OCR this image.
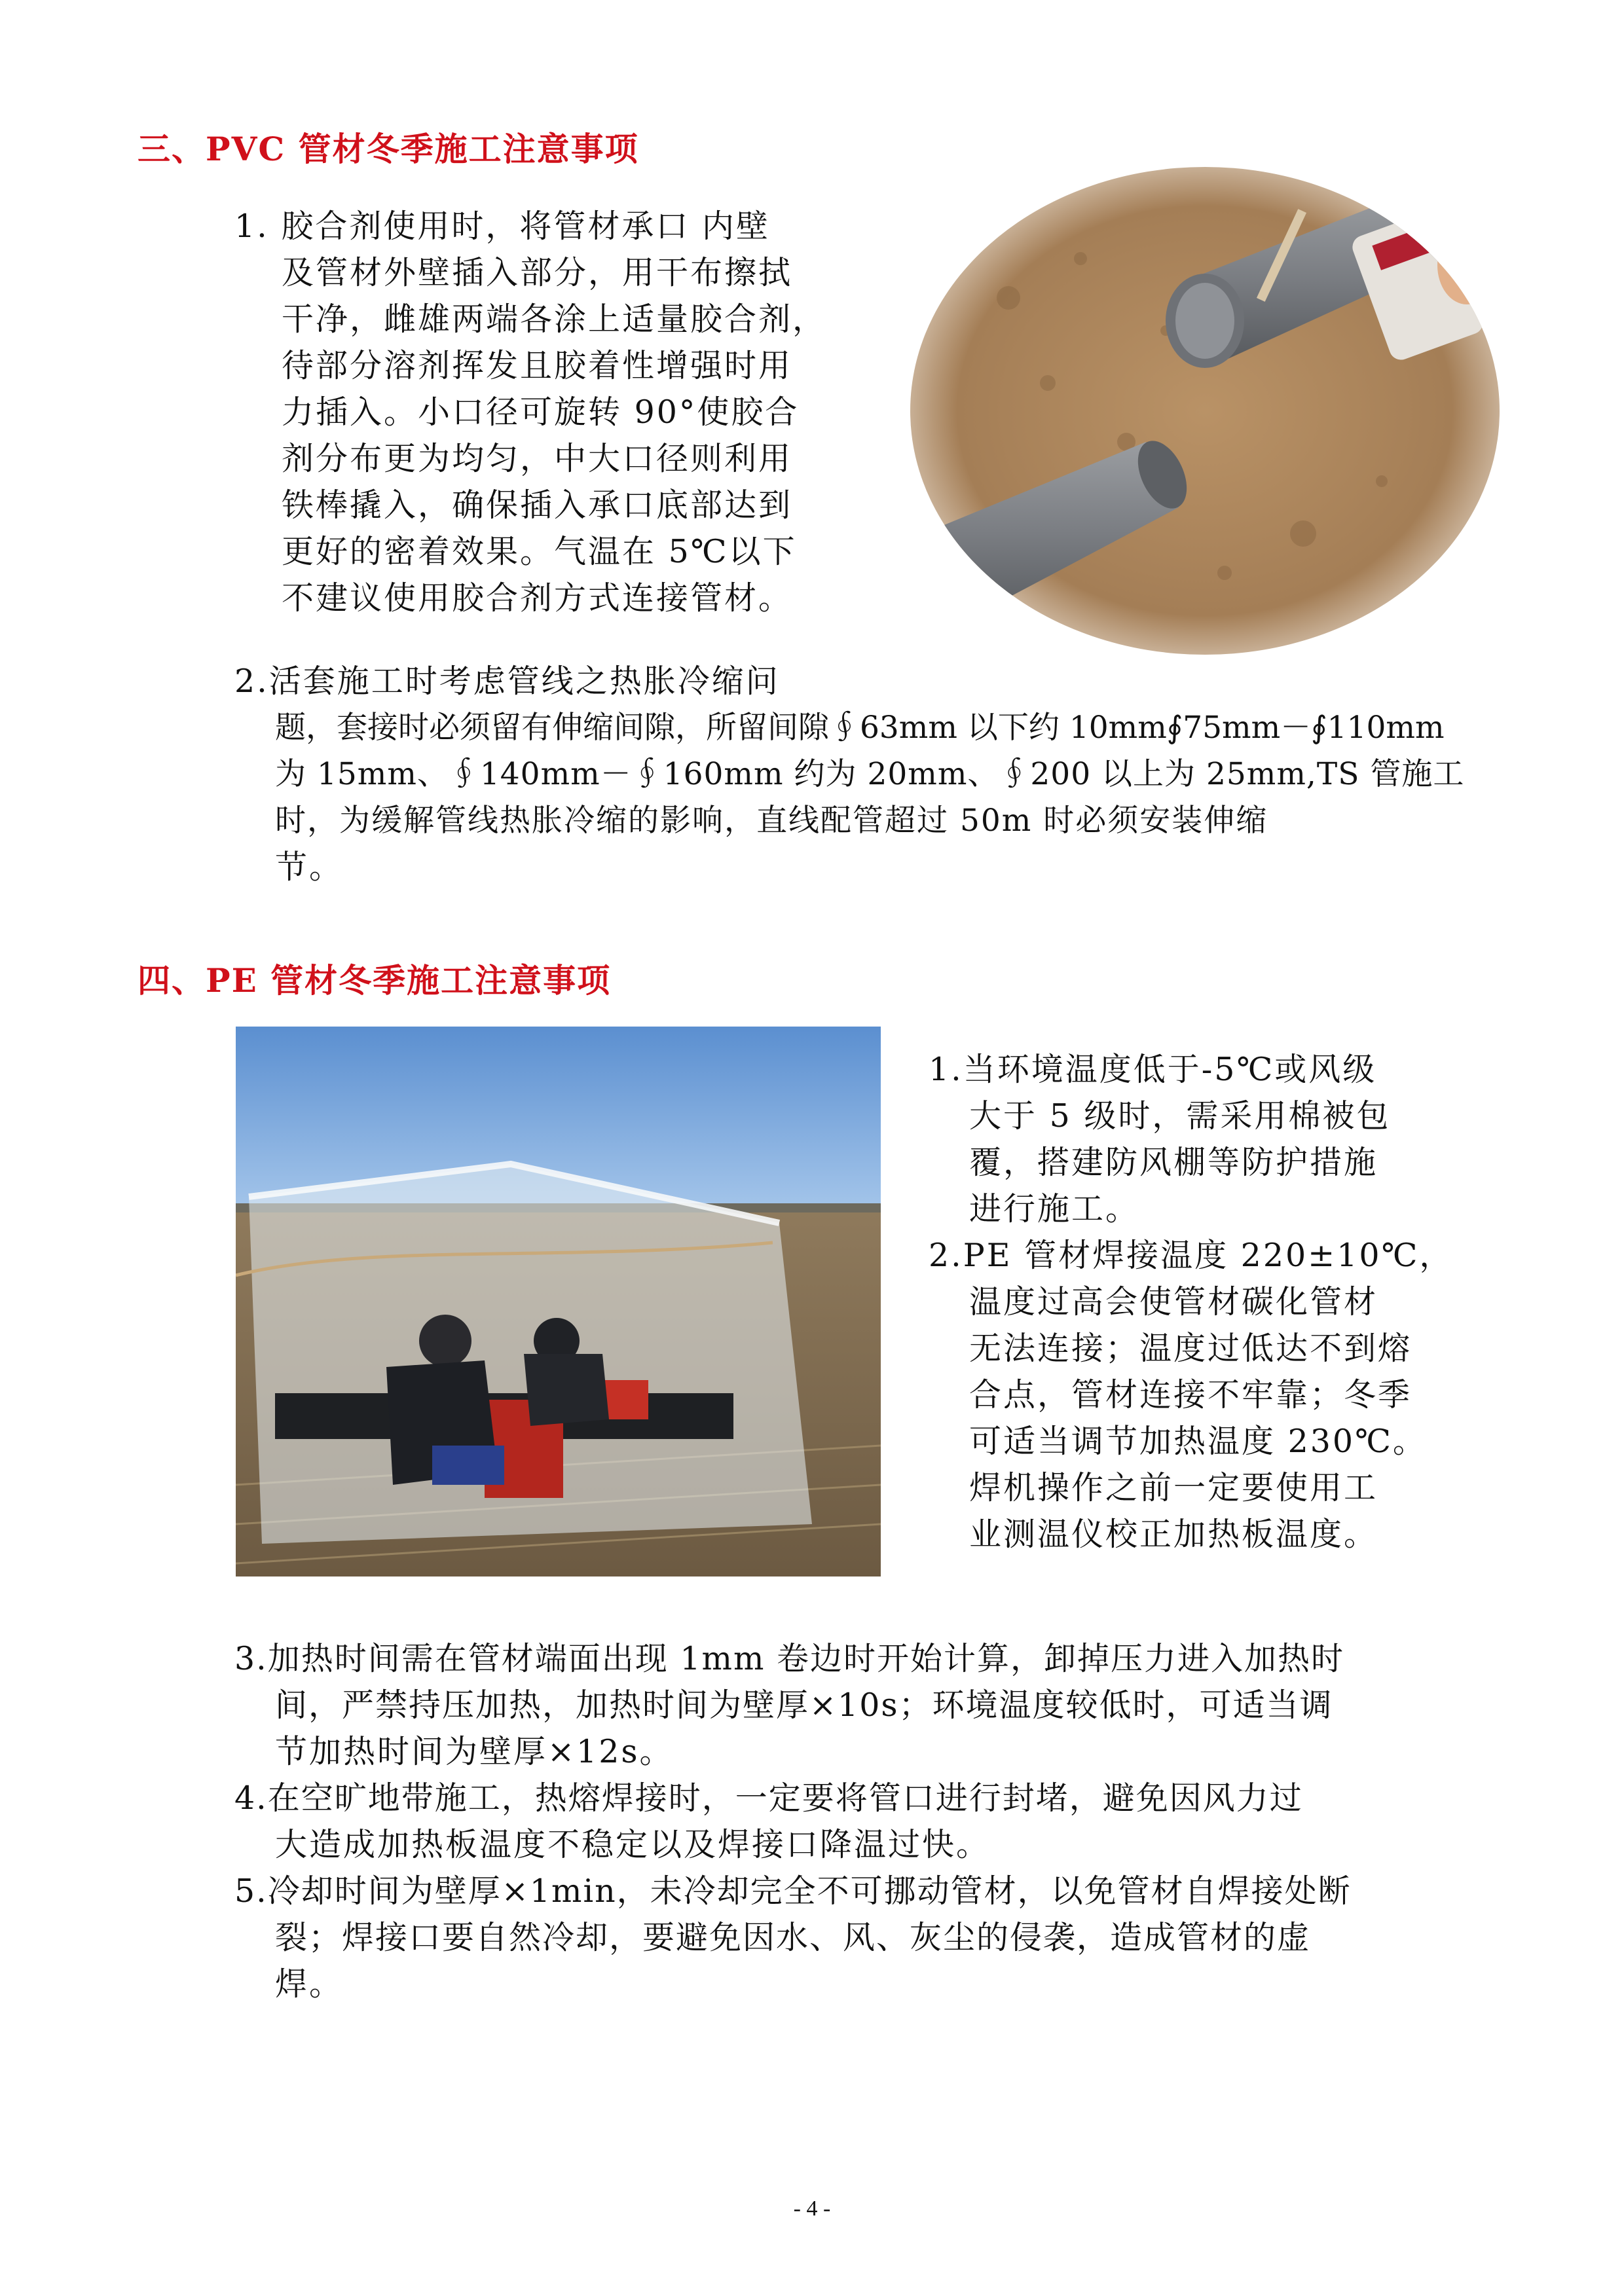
三、PVC 管材冬季施工注意事项
1. 胶合剂使用时，将管材承口 内壁
及管材外壁插入部分，用干布擦拭
干净，雌雄两端各涂上适量胶合剂，
待部分溶剂挥发且胶着性增强时用
力插入。小口径可旋转 90°使胶合
剂分布更为均匀，中大口径则利用
铁棒撬入，确保插入承口底部达到
更好的密着效果。气温在 5℃以下
不建议使用胶合剂方式连接管材。
2.活套施工时考虑管线之热胀冷缩问
题，套接时必须留有伸缩间隙，所留间隙∮63mm 以下约 10mm∮75mm－∮110mm
为 15mm、∮140mm－∮160mm 约为 20mm、∮200 以上为 25mm,TS 管施工
时，为缓解管线热胀冷缩的影响，直线配管超过 50m 时必须安装伸缩
节。
四、PE 管材冬季施工注意事项
1.当环境温度低于-5℃或风级
大于 5 级时，需采用棉被包
覆，搭建防风棚等防护措施
进行施工。
2.PE 管材焊接温度 220±10℃，
温度过高会使管材碳化管材
无法连接；温度过低达不到熔
合点，管材连接不牢靠；冬季
可适当调节加热温度 230℃。
焊机操作之前一定要使用工
业测温仪校正加热板温度。
3.加热时间需在管材端面出现 1mm 卷边时开始计算，卸掉压力进入加热时
间，严禁持压加热，加热时间为壁厚×10s；环境温度较低时，可适当调
节加热时间为壁厚×12s。
4.在空旷地带施工，热熔焊接时，一定要将管口进行封堵，避免因风力过
大造成加热板温度不稳定以及焊接口降温过快。
5.冷却时间为壁厚×1min，未冷却完全不可挪动管材，以免管材自焊接处断
裂；焊接口要自然冷却，要避免因水、风、灰尘的侵袭，造成管材的虚
焊。
- 4 -
